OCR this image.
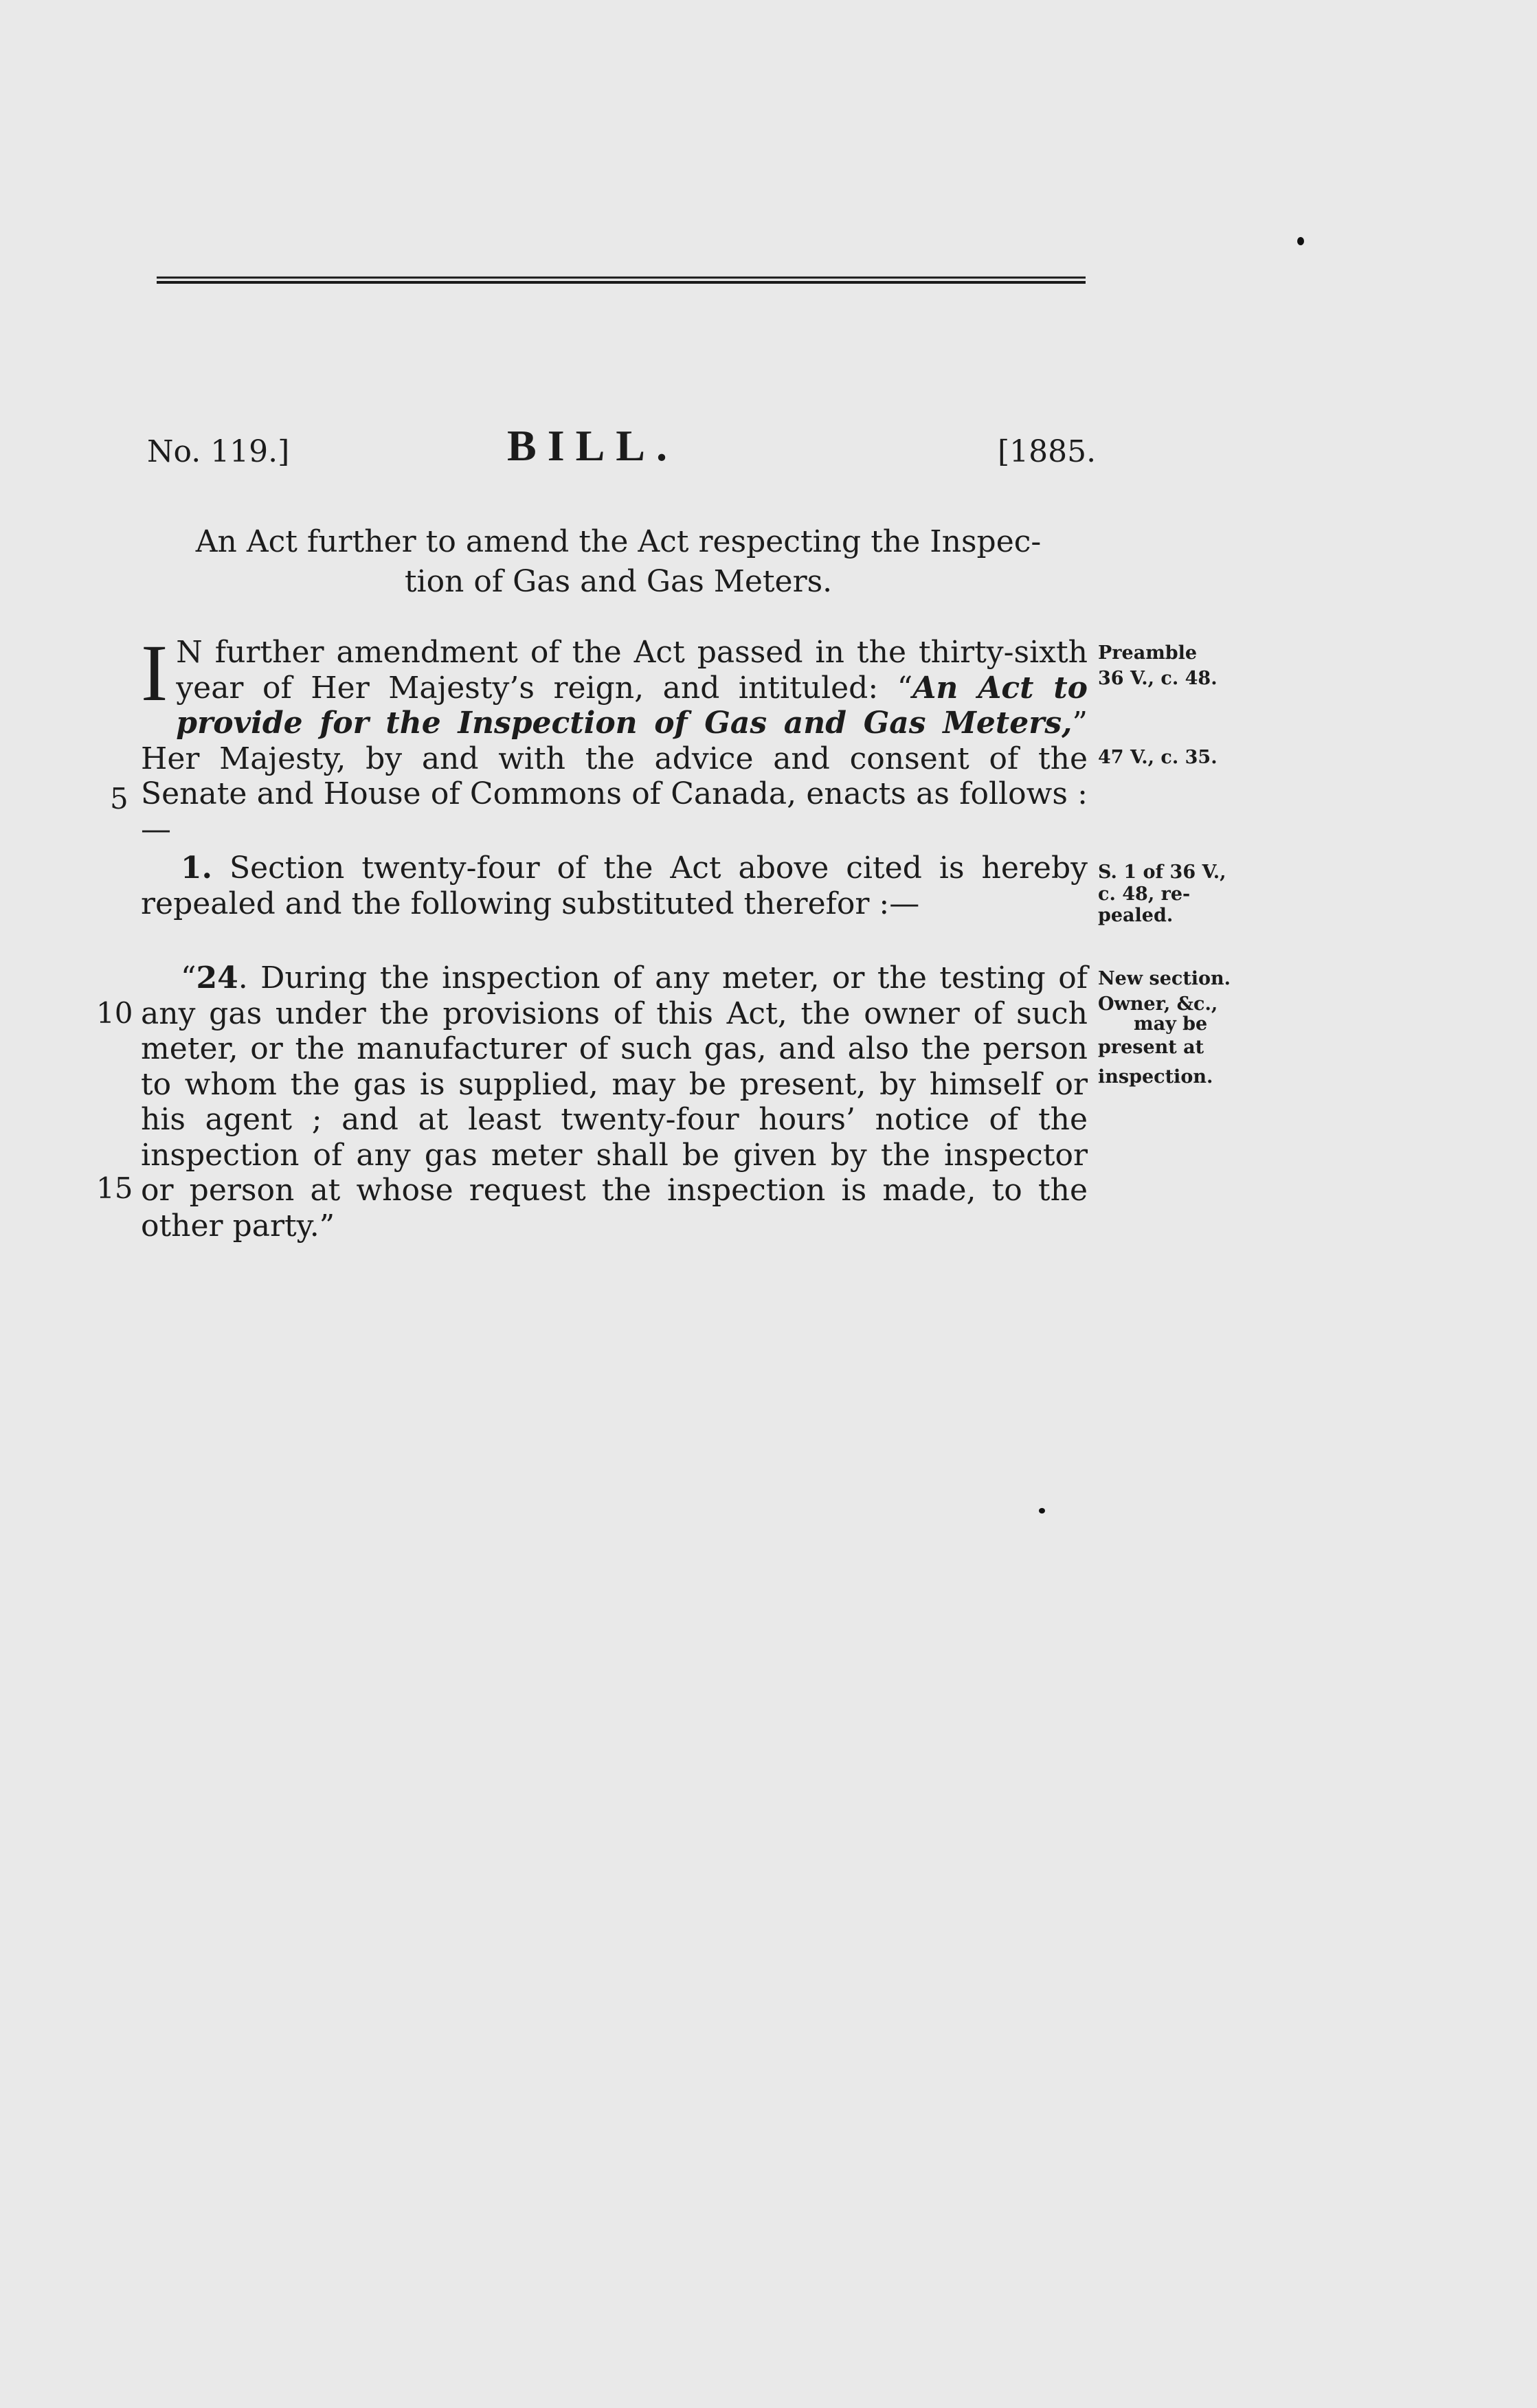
No. 119.]	BILL.	[1885.
An Act further to amend the Act respecting the Inspec-
tion of Gas and Gas Meters.
I N further amendment of the Act passed in the thirty-sixth year of Her Majesty’s reign, and intituled: “An Act to provide for the Inspection of Gas and Gas Meters,” Her Majesty, by and with the advice and consent of the Senate and House of Commons of Canada, enacts as follows :—
1. Section twenty-four of the Act above cited is hereby repealed and the following substituted therefor :—
“24. During the inspection of any meter, or the testing of any gas under the provisions of this Act, the owner of such meter, or the manufacturer of such gas, and also the person to whom the gas is supplied, may be present, by himself or his agent ; and at least twenty-four hours’ notice of the inspection of any gas meter shall be given by the inspector or person at whose request the inspection is made, to the other party.”
5
10
15
Preamble
36 V., c. 48.
47 V., c. 35.
S. 1 of 36 V.,
c. 48, re-
pealed.
New section.
Owner, &c.,
may be
present at
inspection.
